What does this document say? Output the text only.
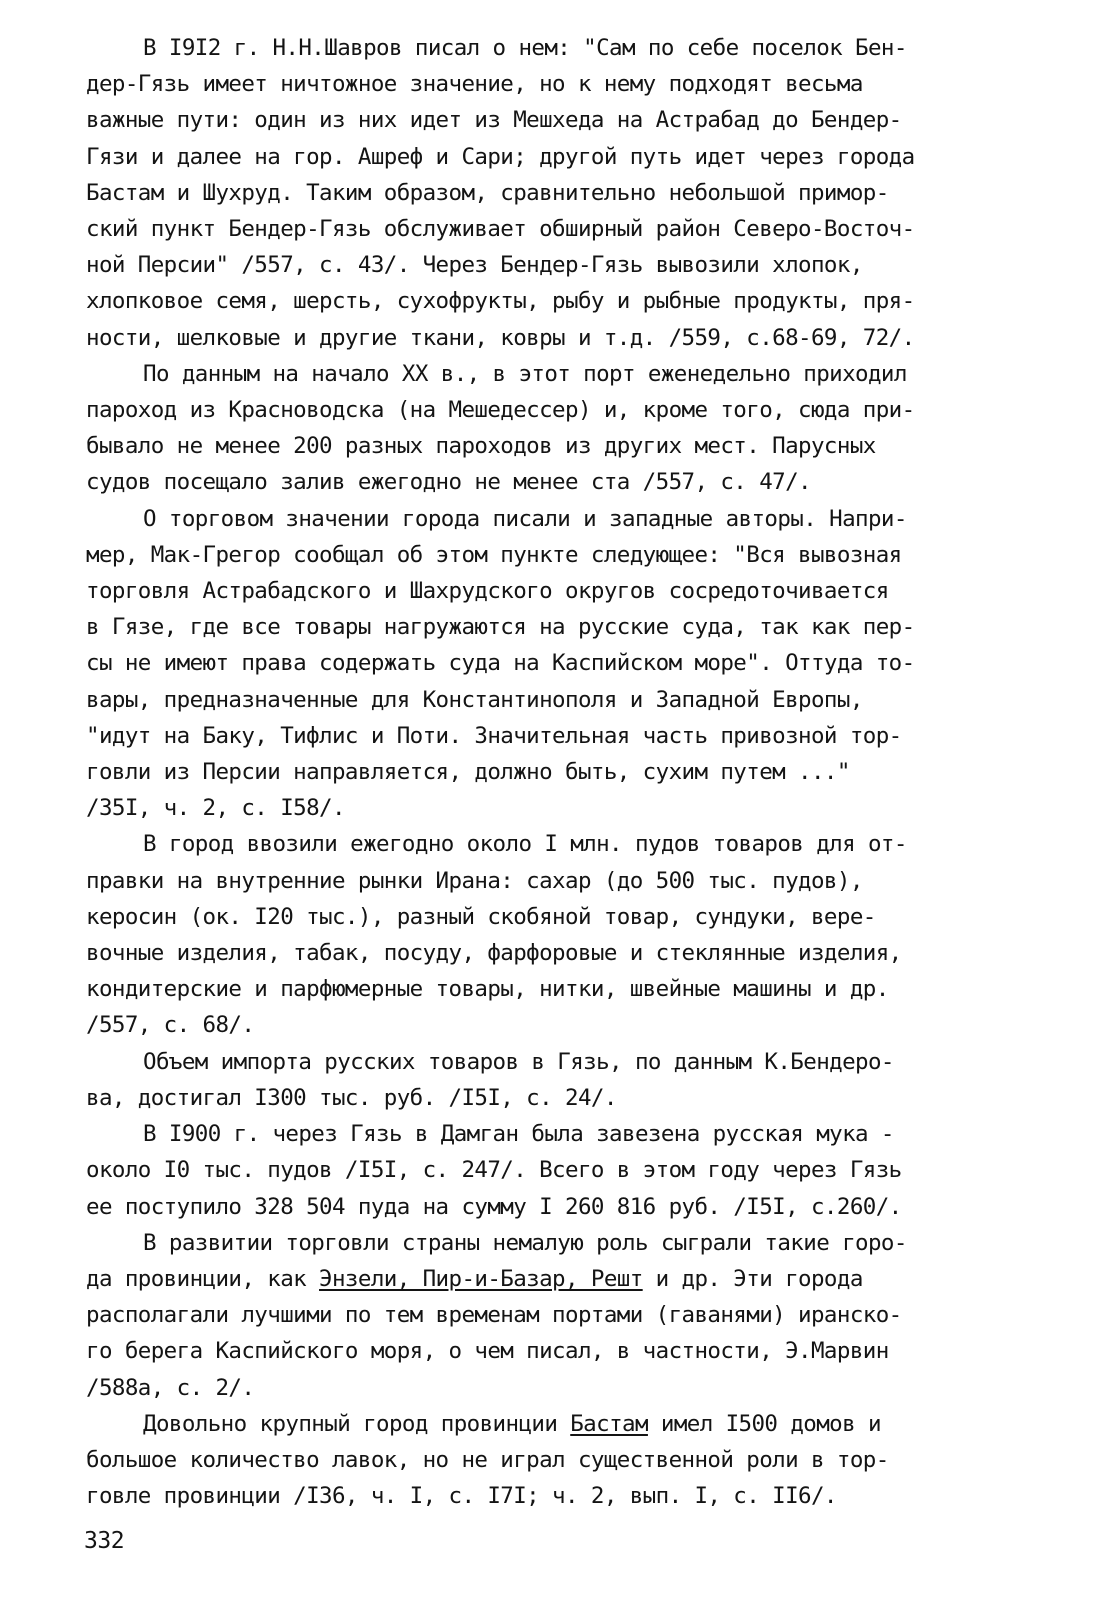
В I9I2 г. Н.Н.Шавров писал о нем: "Сам по себе поселок Бен-
дер-Гязь имеет ничтожное значение, но к нему подходят весьма
важные пути: один из них идет из Мешхеда на Астрабад до Бендер-
Гязи и далее на гор. Ашреф и Сари; другой путь идет через города
Бастам и Шухруд. Таким образом, сравнительно небольшой примор-
ский пункт Бендер-Гязь обслуживает обширный район Северо-Восточ-
ной Персии" /557, с. 43/. Через Бендер-Гязь вывозили хлопок,
хлопковое семя, шерсть, сухофрукты, рыбу и рыбные продукты, пря-
ности, шелковые и другие ткани, ковры и т.д. /559, с.68-69, 72/.

По данным на начало XX в., в этот порт еженедельно приходил
пароход из Красноводска (на Мешедессер) и, кроме того, сюда при-
бывало не менее 200 разных пароходов из других мест. Парусных
судов посещало залив ежегодно не менее ста /557, с. 47/.

О торговом значении города писали и западные авторы. Напри-
мер, Мак-Грегор сообщал об этом пункте следующее: "Вся вывозная
торговля Астрабадского и Шахрудского округов сосредоточивается
в Гязе, где все товары нагружаются на русские суда, так как пер-
сы не имеют права содержать суда на Каспийском море". Оттуда то-
вары, предназначенные для Константинополя и Западной Европы,
"идут на Баку, Тифлис и Поти. Значительная часть привозной тор-
говли из Персии направляется, должно быть, сухим путем ..."
/35I, ч. 2, с. I58/.

В город ввозили ежегодно около I млн. пудов товаров для от-
правки на внутренние рынки Ирана: сахар (до 500 тыс. пудов),
керосин (ок. I20 тыс.), разный скобяной товар, сундуки, вере-
вочные изделия, табак, посуду, фарфоровые и стеклянные изделия,
кондитерские и парфюмерные товары, нитки, швейные машины и др.
/557, с. 68/.

Объем импорта русских товаров в Гязь, по данным К.Бендеро-
ва, достигал I300 тыс. руб. /I5I, с. 24/.

В I900 г. через Гязь в Дамган была завезена русская мука -
около I0 тыс. пудов /I5I, с. 247/. Всего в этом году через Гязь
ее поступило 328 504 пуда на сумму I 260 816 руб. /I5I, с.260/.

В развитии торговли страны немалую роль сыграли такие горо-
да провинции, как Энзели, Пир-и-Базар, Решт и др. Эти города
располагали лучшими по тем временам портами (гаванями) иранско-
го берега Каспийского моря, о чем писал, в частности, Э.Марвин
/588а, с. 2/.

Довольно крупный город провинции Бастам имел I500 домов и
большое количество лавок, но не играл существенной роли в тор-
говле провинции /I36, ч. I, с. I7I; ч. 2, вып. I, с. II6/.

332
